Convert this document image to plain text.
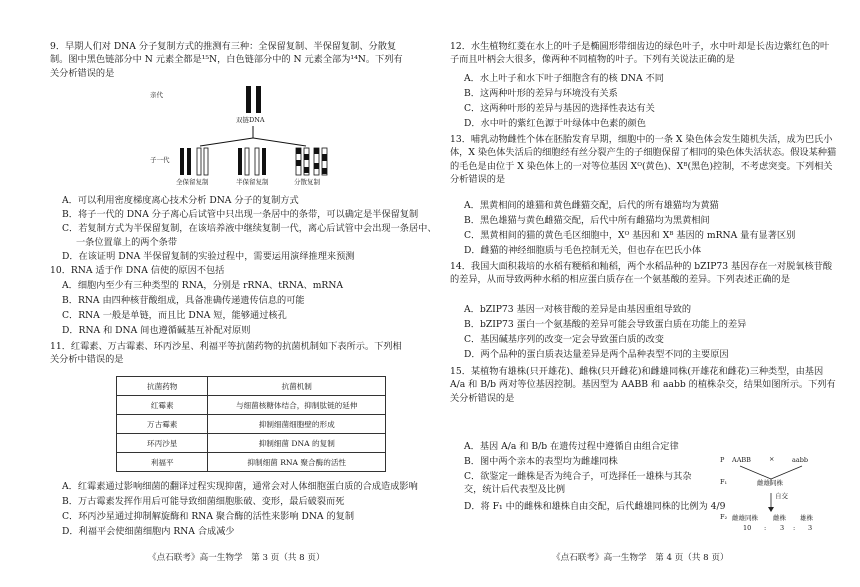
9．早期人们对 DNA 分子复制方式的推测有三种：全保留复制、半保留复制、分散复制。图中黑色链部分中 N 元素全都是¹⁵N，白色链部分中的 N 元素全部为¹⁴N。下列有关分析错误的是
亲代
双链DNA
子一代
全保留复制	半保留复制	分散复制
A．可以利用密度梯度离心技术分析 DNA 分子的复制方式
B．将子一代的 DNA 分子离心后试管中只出现一条居中的条带，可以确定是半保留复制
C．若复制方式为半保留复制，在该培养液中继续复制一代，离心后试管中会出现一条居中、
一条位置靠上的两个条带
D．在该证明 DNA 半保留复制的实验过程中，需要运用演绎推理来预测
10．RNA 适于作 DNA 信使的原因不包括
A．细胞内至少有三种类型的 RNA，分别是 rRNA、tRNA、mRNA
B．RNA 由四种核苷酸组成，具备准确传递遗传信息的可能
C．RNA 一般是单链，而且比 DNA 短，能够通过核孔
D．RNA 和 DNA 间也遵循碱基互补配对原则
11．红霉素、万古霉素、环丙沙星、利福平等抗菌药物的抗菌机制如下表所示。下列相关分析中错误的是
抗菌药物	抗菌机制
红霉素	与细菌核糖体结合，抑制肽链的延伸
万古霉素	抑制细菌细胞壁的形成
环丙沙星	抑制细菌 DNA 的复制
利福平	抑制细菌 RNA 聚合酶的活性
A．红霉素通过影响细菌的翻译过程实现抑菌，通常会对人体细胞蛋白质的合成造成影响
B．万古霉素发挥作用后可能导致细菌细胞胀破、变形，最后破裂而死
C．环丙沙星通过抑制解旋酶和 RNA 聚合酶的活性来影响 DNA 的复制
D．利福平会使细菌细胞内 RNA 合成减少
《点石联考》高一生物学　第 3 页（共 8 页）
12．水生植物红菱在水上的叶子是椭圆形带细齿边的绿色叶子，水中叶却是长齿边紫红色的叶子而且叶柄会大很多，像两种不同植物的叶子。下列有关说法正确的是
A．水上叶子和水下叶子细胞含有的核 DNA 不同
B．这两种叶形的差异与环境没有关系
C．这两种叶形的差异与基因的选择性表达有关
D．水中叶的紫红色源于叶绿体中色素的颜色
13．哺乳动物雌性个体在胚胎发育早期，细胞中的一条 X 染色体会发生随机失活，成为巴氏小体，X 染色体失活后的细胞经有丝分裂产生的子细胞保留了相同的染色体失活状态。假设某种猫的毛色是由位于 X 染色体上的一对等位基因 Xᴼ(黄色)、Xᴮ(黑色)控制，不考虑突变。下列相关分析错误的是
A．黑黄相间的雄猫和黄色雌猫交配，后代的所有雄猫均为黄猫
B．黑色雄猫与黄色雌猫交配，后代中所有雌猫均为黑黄相间
C．黑黄相间的猫的黄色毛区细胞中，Xᴼ 基因和 Xᴮ 基因的 mRNA 量有显著区别
D．雌猫的神经细胞质与毛色控制无关，但也存在巴氏小体
14．我国大面积栽培的水稻有粳稻和籼稻，两个水稻品种的 bZIP73 基因存在一对脱氧核苷酸的差异，从而导致两种水稻的相应蛋白质存在一个氨基酸的差异。下列表述正确的是
A．bZIP73 基因一对核苷酸的差异是由基因重组导致的
B．bZIP73 蛋白一个氨基酸的差异可能会导致蛋白质在功能上的差异
C．基因碱基序列的改变一定会导致蛋白质的改变
D．两个品种的蛋白质表达量差异是两个品种表型不同的主要原因
15．某植物有雄株(只开雄花)、雌株(只开雌花)和雌雄同株(开雄花和雌花)三种类型，由基因 A/a 和 B/b 两对等位基因控制。基因型为 AABB 和 aabb 的植株杂交，结果如图所示。下列有关分析错误的是
A．基因 A/a 和 B/b 在遗传过程中遵循自由组合定律
B．图中两个亲本的表型均为雌雄同株
C．欲鉴定一雌株是否为纯合子，可选择任一雄株与其杂交，统计后代表型及比例
D．将 F₁ 中的雌株和雄株自由交配，后代雌雄同株的比例为 4/9
P AABB	×	aabb
F₁	雌雄同株
自交
F₂ 雌雄同株 雌株 雄株
10 : 3 : 3
《点石联考》高一生物学　第 4 页（共 8 页）
